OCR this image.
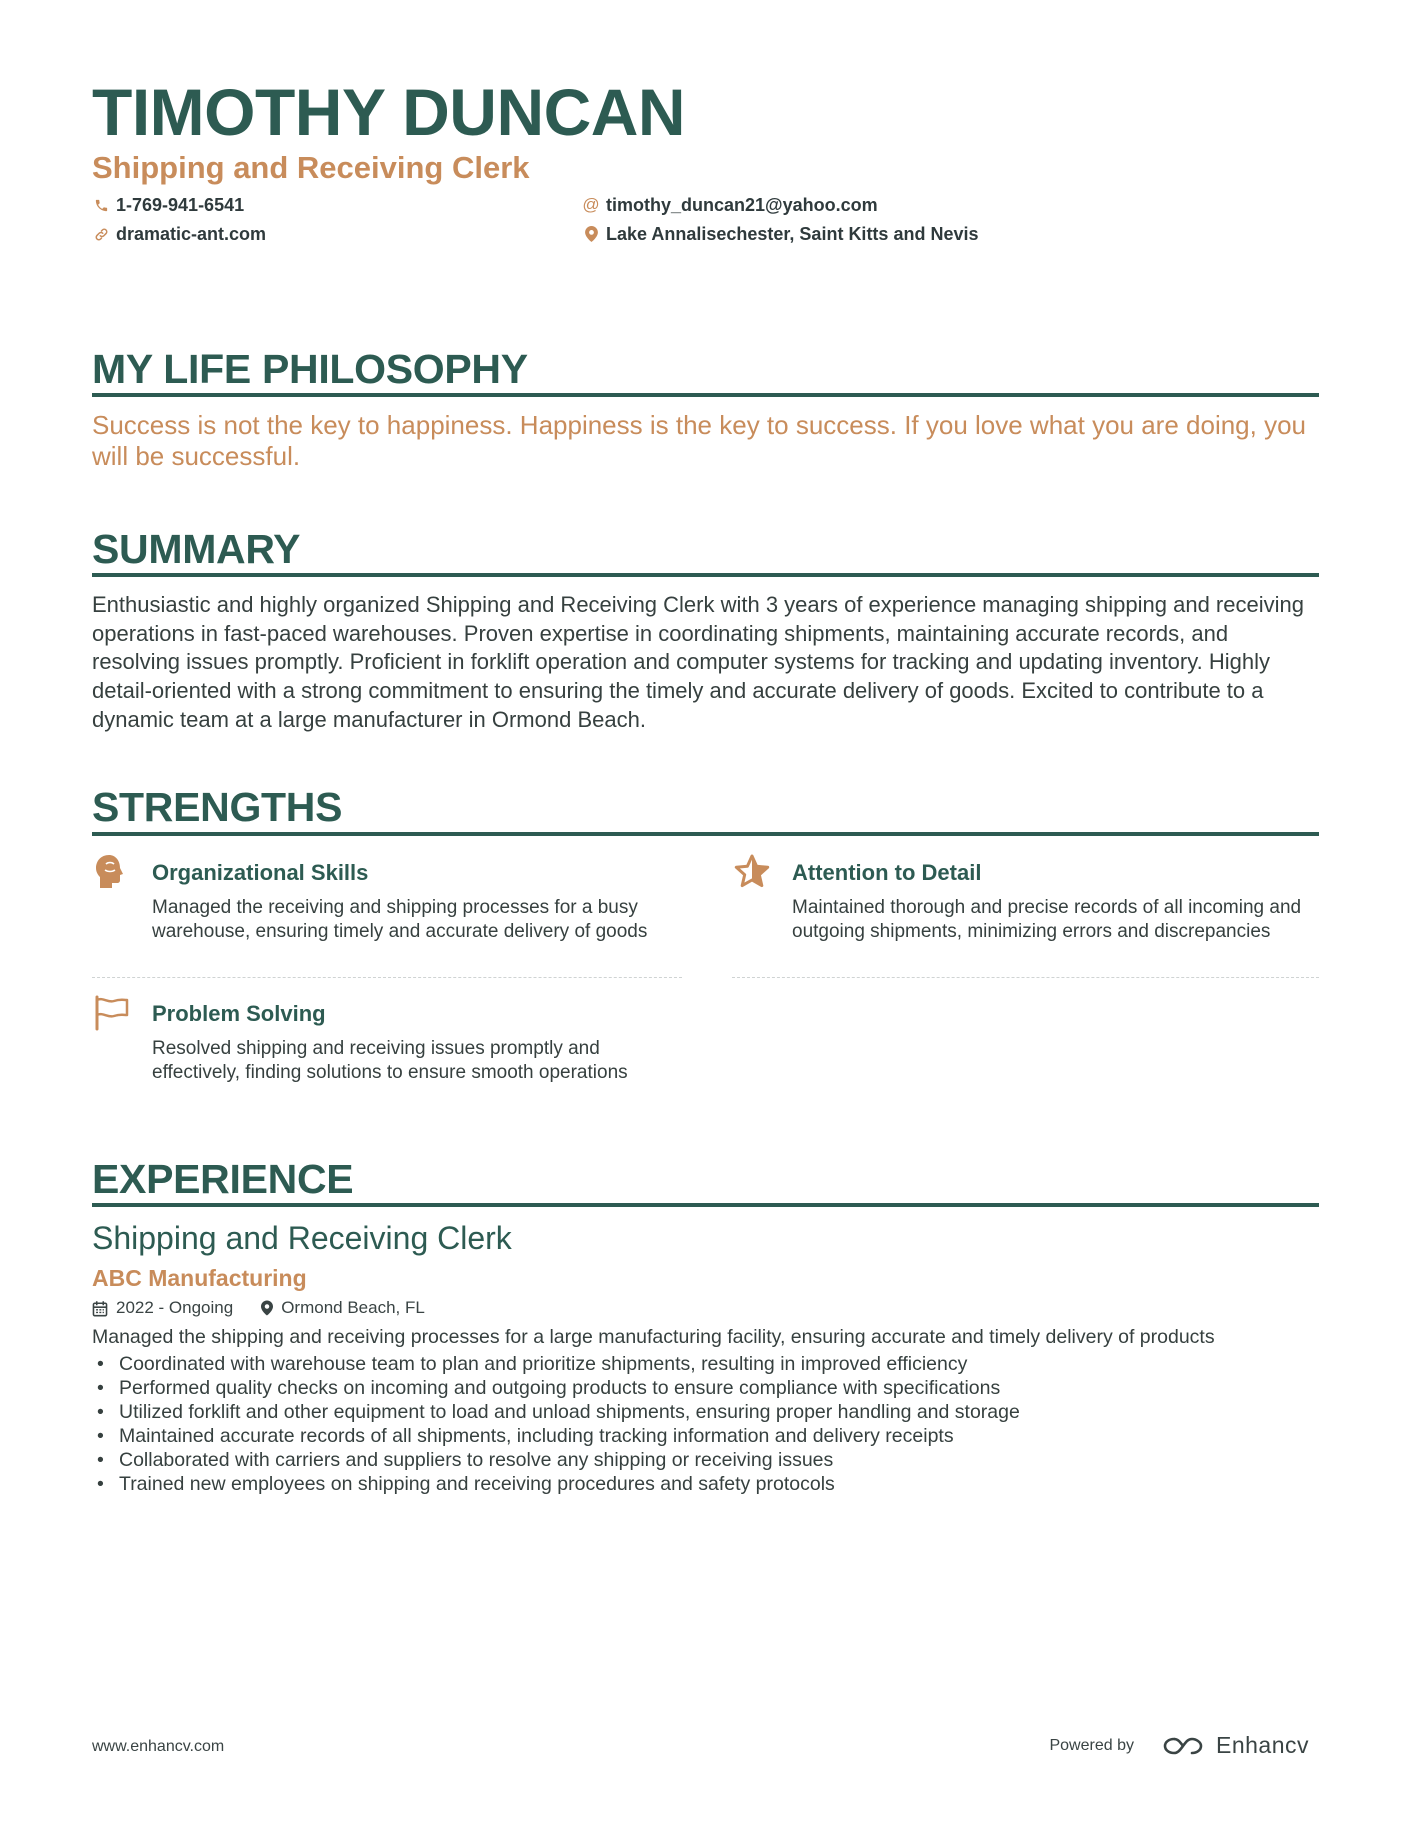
TIMOTHY DUNCAN
Shipping and Receiving Clerk
1-769-941-6541	@ timothy_duncan21@yahoo.com
dramatic-ant.com	Lake Annalisechester, Saint Kitts and Nevis
MY LIFE PHILOSOPHY
Success is not the key to happiness. Happiness is the key to success. If you love what you are doing, you will be successful.
SUMMARY
Enthusiastic and highly organized Shipping and Receiving Clerk with 3 years of experience managing shipping and receiving operations in fast-paced warehouses. Proven expertise in coordinating shipments, maintaining accurate records, and resolving issues promptly. Proficient in forklift operation and computer systems for tracking and updating inventory. Highly detail-oriented with a strong commitment to ensuring the timely and accurate delivery of goods. Excited to contribute to a dynamic team at a large manufacturer in Ormond Beach.
STRENGTHS
Organizational Skills
Managed the receiving and shipping processes for a busy warehouse, ensuring timely and accurate delivery of goods
Attention to Detail
Maintained thorough and precise records of all incoming and outgoing shipments, minimizing errors and discrepancies
Problem Solving
Resolved shipping and receiving issues promptly and effectively, finding solutions to ensure smooth operations
EXPERIENCE
Shipping and Receiving Clerk
ABC Manufacturing
2022 - Ongoing	Ormond Beach, FL
Managed the shipping and receiving processes for a large manufacturing facility, ensuring accurate and timely delivery of products
• Coordinated with warehouse team to plan and prioritize shipments, resulting in improved efficiency
• Performed quality checks on incoming and outgoing products to ensure compliance with specifications
• Utilized forklift and other equipment to load and unload shipments, ensuring proper handling and storage
• Maintained accurate records of all shipments, including tracking information and delivery receipts
• Collaborated with carriers and suppliers to resolve any shipping or receiving issues
• Trained new employees on shipping and receiving procedures and safety protocols
www.enhancv.com	Powered by	Enhancv
